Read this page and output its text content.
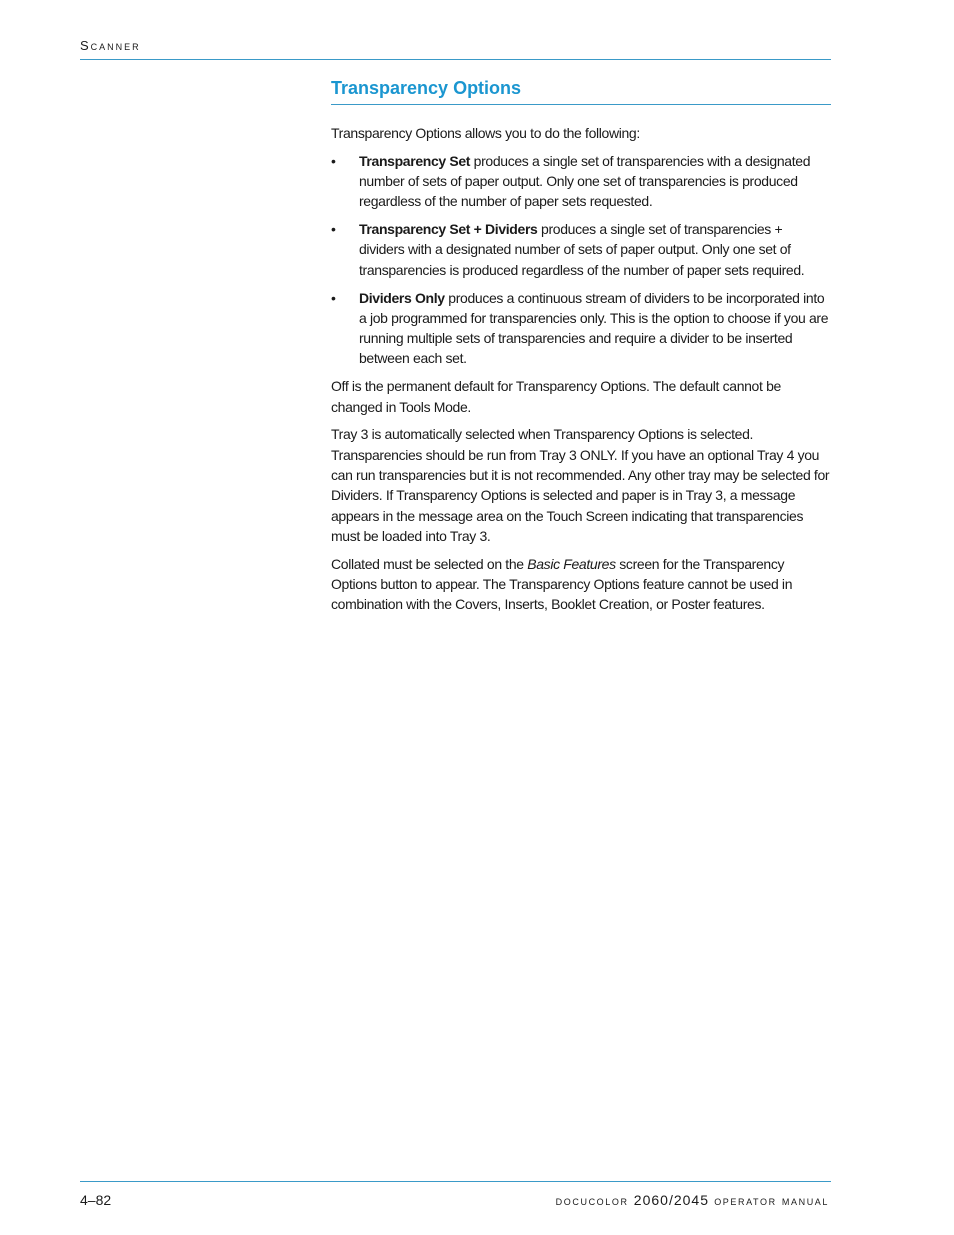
Scanner
Transparency Options

Transparency Options allows you to do the following:

• Transparency Set produces a single set of transparencies with a designated number of sets of paper output. Only one set of transparencies is produced regardless of the number of paper sets requested.
• Transparency Set + Dividers produces a single set of transparencies + dividers with a designated number of sets of paper output. Only one set of transparencies is produced regardless of the number of paper sets required.
• Dividers Only produces a continuous stream of dividers to be incorporated into a job programmed for transparencies only. This is the option to choose if you are running multiple sets of transparencies and require a divider to be inserted between each set.

Off is the permanent default for Transparency Options. The default cannot be changed in Tools Mode.

Tray 3 is automatically selected when Transparency Options is selected. Transparencies should be run from Tray 3 ONLY. If you have an optional Tray 4 you can run transparencies but it is not recommended. Any other tray may be selected for Dividers. If Transparency Options is selected and paper is in Tray 3, a message appears in the message area on the Touch Screen indicating that transparencies must be loaded into Tray 3.

Collated must be selected on the Basic Features screen for the Transparency Options button to appear. The Transparency Options feature cannot be used in combination with the Covers, Inserts, Booklet Creation, or Poster features.

4–82	docucolor 2060/2045 operator manual
